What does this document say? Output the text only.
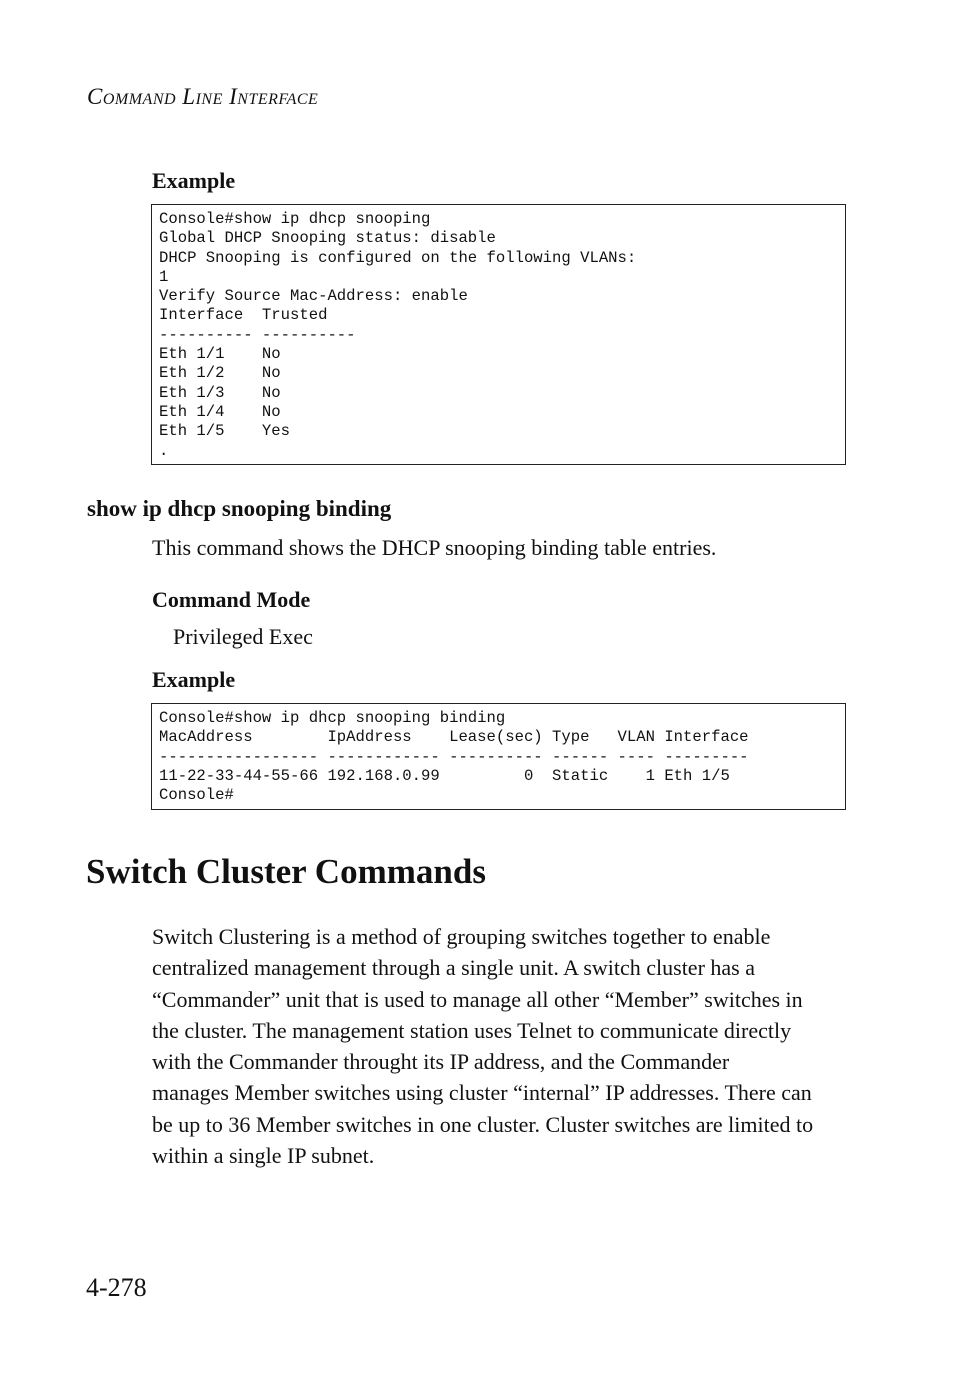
Command Line Interface
Example
Console#show ip dhcp snooping
Global DHCP Snooping status: disable
DHCP Snooping is configured on the following VLANs:
1
Verify Source Mac-Address: enable
Interface  Trusted
---------- ----------
Eth 1/1    No
Eth 1/2    No
Eth 1/3    No
Eth 1/4    No
Eth 1/5    Yes
.
show ip dhcp snooping binding
This command shows the DHCP snooping binding table entries.
Command Mode
Privileged Exec
Example
Console#show ip dhcp snooping binding
MacAddress        IpAddress    Lease(sec) Type   VLAN Interface
----------------- ------------ ---------- ------ ---- ---------
11-22-33-44-55-66 192.168.0.99         0  Static    1 Eth 1/5
Console#
Switch Cluster Commands
Switch Clustering is a method of grouping switches together to enable
centralized management through a single unit. A switch cluster has a
“Commander” unit that is used to manage all other “Member” switches in
the cluster. The management station uses Telnet to communicate directly
with the Commander throught its IP address, and the Commander
manages Member switches using cluster “internal” IP addresses. There can
be up to 36 Member switches in one cluster. Cluster switches are limited to
within a single IP subnet.
4-278
